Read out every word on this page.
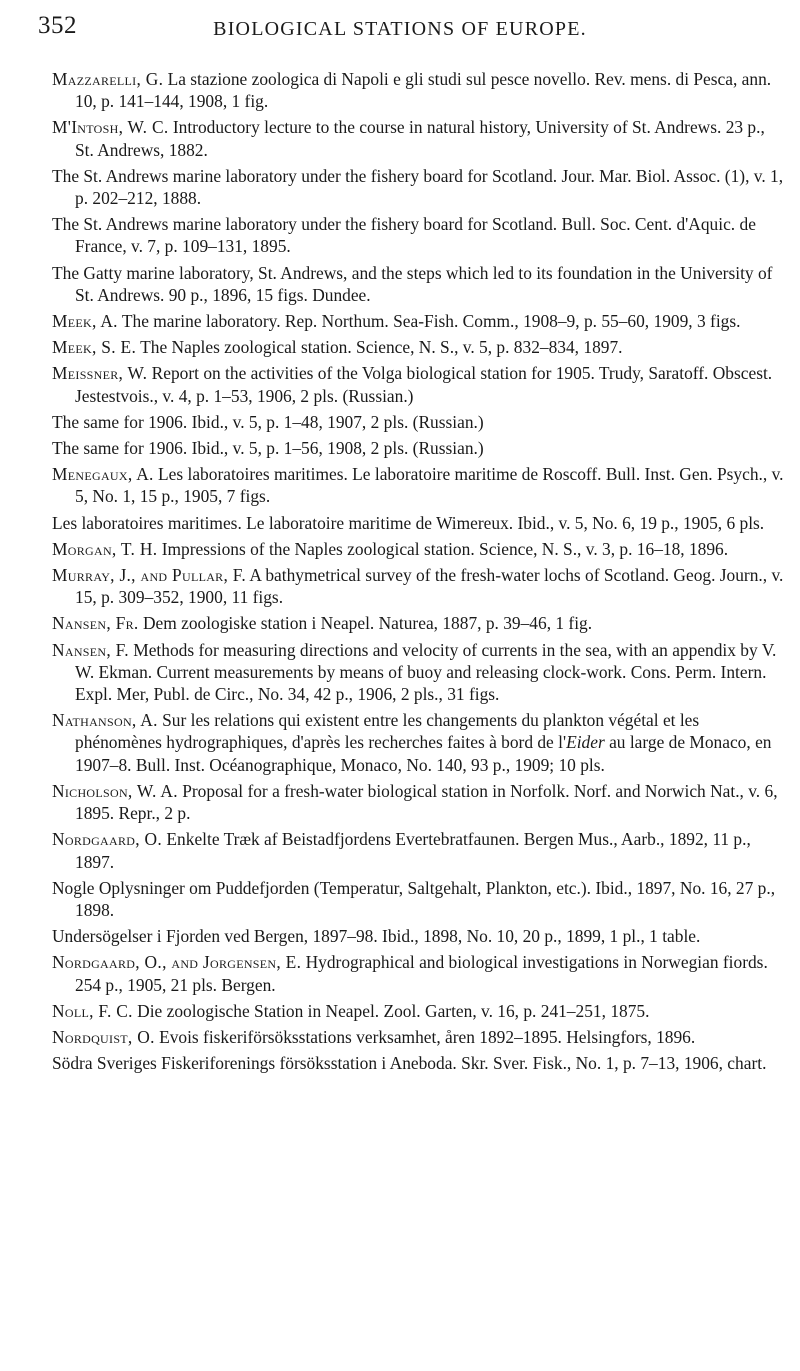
352	BIOLOGICAL STATIONS OF EUROPE.
Mazzarelli, G. La stazione zoologica di Napoli e gli studi sul pesce novello. Rev. mens. di Pesca, ann. 10, p. 141–144, 1908, 1 fig.
M'Intosh, W. C. Introductory lecture to the course in natural history, University of St. Andrews. 23 p., St. Andrews, 1882.
The St. Andrews marine laboratory under the fishery board for Scotland. Jour. Mar. Biol. Assoc. (1), v. 1, p. 202–212, 1888.
The St. Andrews marine laboratory under the fishery board for Scotland. Bull. Soc. Cent. d'Aquic. de France, v. 7, p. 109–131, 1895.
The Gatty marine laboratory, St. Andrews, and the steps which led to its foundation in the University of St. Andrews. 90 p., 1896, 15 figs. Dundee.
Meek, A. The marine laboratory. Rep. Northum. Sea-Fish. Comm., 1908–9, p. 55–60, 1909, 3 figs.
Meek, S. E. The Naples zoological station. Science, N. S., v. 5, p. 832–834, 1897.
Meissner, W. Report on the activities of the Volga biological station for 1905. Trudy, Saratoff. Obscest. Jestestvois., v. 4, p. 1–53, 1906, 2 pls. (Russian.)
The same for 1906. Ibid., v. 5, p. 1–48, 1907, 2 pls. (Russian.)
The same for 1906. Ibid., v. 5, p. 1–56, 1908, 2 pls. (Russian.)
Menegaux, A. Les laboratoires maritimes. Le laboratoire maritime de Roscoff. Bull. Inst. Gen. Psych., v. 5, No. 1, 15 p., 1905, 7 figs.
Les laboratoires maritimes. Le laboratoire maritime de Wimereux. Ibid., v. 5, No. 6, 19 p., 1905, 6 pls.
Morgan, T. H. Impressions of the Naples zoological station. Science, N. S., v. 3, p. 16–18, 1896.
Murray, J., and Pullar, F. A bathymetrical survey of the fresh-water lochs of Scotland. Geog. Journ., v. 15, p. 309–352, 1900, 11 figs.
Nansen, Fr. Dem zoologiske station i Neapel. Naturea, 1887, p. 39–46, 1 fig.
Nansen, F. Methods for measuring directions and velocity of currents in the sea, with an appendix by V. W. Ekman. Current measurements by means of buoy and releasing clock-work. Cons. Perm. Intern. Expl. Mer, Publ. de Circ., No. 34, 42 p., 1906, 2 pls., 31 figs.
Nathanson, A. Sur les relations qui existent entre les changements du plankton végétal et les phénomènes hydrographiques, d'après les recherches faites à bord de l'Eider au large de Monaco, en 1907–8. Bull. Inst. Océanographique, Monaco, No. 140, 93 p., 1909; 10 pls.
Nicholson, W. A. Proposal for a fresh-water biological station in Norfolk. Norf. and Norwich Nat., v. 6, 1895. Repr., 2 p.
Nordgaard, O. Enkelte Træk af Beistadfjordens Evertebratfaunen. Bergen Mus., Aarb., 1892, 11 p., 1897.
Nogle Oplysninger om Puddefjorden (Temperatur, Saltgehalt, Plankton, etc.). Ibid., 1897, No. 16, 27 p., 1898.
Undersögelser i Fjorden ved Bergen, 1897–98. Ibid., 1898, No. 10, 20 p., 1899, 1 pl., 1 table.
Nordgaard, O., and Jorgensen, E. Hydrographical and biological investigations in Norwegian fiords. 254 p., 1905, 21 pls. Bergen.
Noll, F. C. Die zoologische Station in Neapel. Zool. Garten, v. 16, p. 241–251, 1875.
Nordquist, O. Evois fiskeriförsöksstations verksamhet, åren 1892–1895. Helsingfors, 1896.
Södra Sveriges Fiskeriforenings försöksstation i Aneboda. Skr. Sver. Fisk., No. 1, p. 7–13, 1906, chart.
